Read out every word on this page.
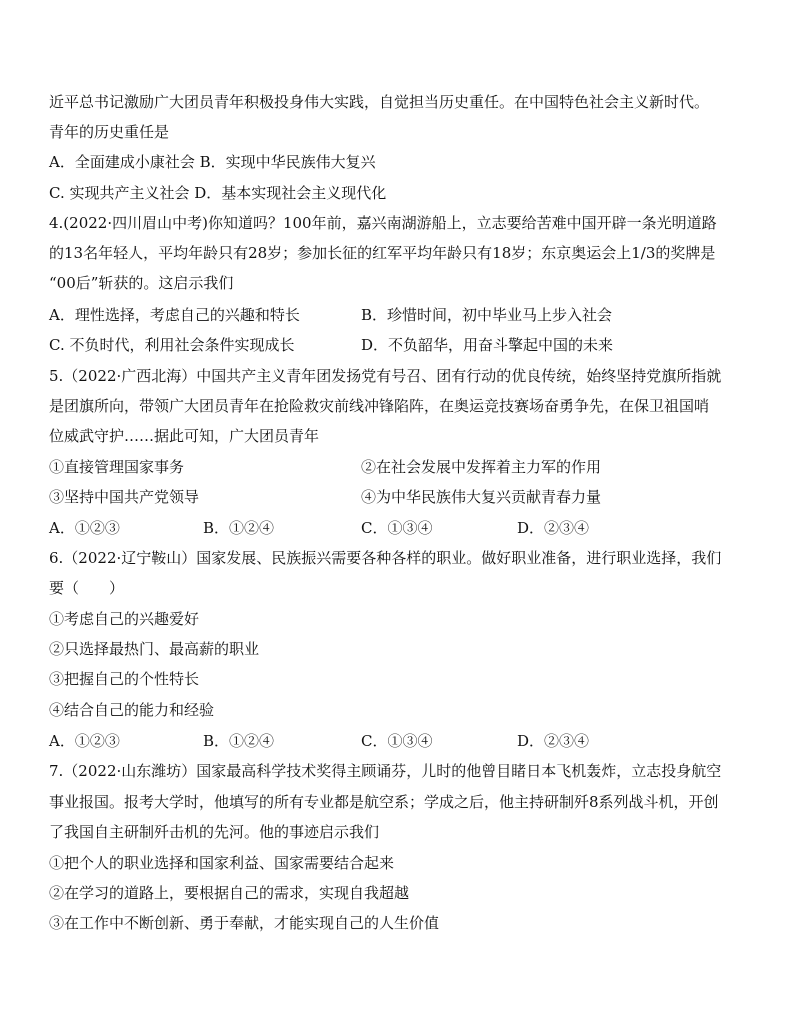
近平总书记激励广大团员青年积极投身伟大实践，自觉担当历史重任。在中国特色社会主义新时代。
青年的历史重任是
A．全面建成小康社会 B．实现中华民族伟大复兴
C. 实现共产主义社会 D．基本实现社会主义现代化
4.(2022·四川眉山中考)你知道吗？100年前，嘉兴南湖游船上，立志要给苦难中国开辟一条光明道路
的13名年轻人，平均年龄只有28岁；参加长征的红军平均年龄只有18岁；东京奥运会上1/3的奖牌是
“00后”斩获的。这启示我们
A．理性选择，考虑自己的兴趣和特长	B．珍惜时间，初中毕业马上步入社会
C. 不负时代，利用社会条件实现成长	D．不负韶华，用奋斗擎起中国的未来
5.（2022·广西北海）中国共产主义青年团发扬党有号召、团有行动的优良传统，始终坚持党旗所指就
是团旗所向，带领广大团员青年在抢险救灾前线冲锋陷阵，在奥运竞技赛场奋勇争先，在保卫祖国哨
位威武守护……据此可知，广大团员青年
①直接管理国家事务	②在社会发展中发挥着主力军的作用
③坚持中国共产党领导	④为中华民族伟大复兴贡献青春力量
A．①②③	B．①②④	C．①③④	D．②③④
6.（2022·辽宁鞍山）国家发展、民族振兴需要各种各样的职业。做好职业准备，进行职业选择，我们
要（　　）
①考虑自己的兴趣爱好
②只选择最热门、最高薪的职业
③把握自己的个性特长
④结合自己的能力和经验
A．①②③	B．①②④	C．①③④	D．②③④
7.（2022·山东潍坊）国家最高科学技术奖得主顾诵芬，儿时的他曾目睹日本飞机轰炸，立志投身航空
事业报国。报考大学时，他填写的所有专业都是航空系；学成之后，他主持研制歼8系列战斗机，开创
了我国自主研制歼击机的先河。他的事迹启示我们
①把个人的职业选择和国家利益、国家需要结合起来
②在学习的道路上，要根据自己的需求，实现自我超越
③在工作中不断创新、勇于奉献，才能实现自己的人生价值
